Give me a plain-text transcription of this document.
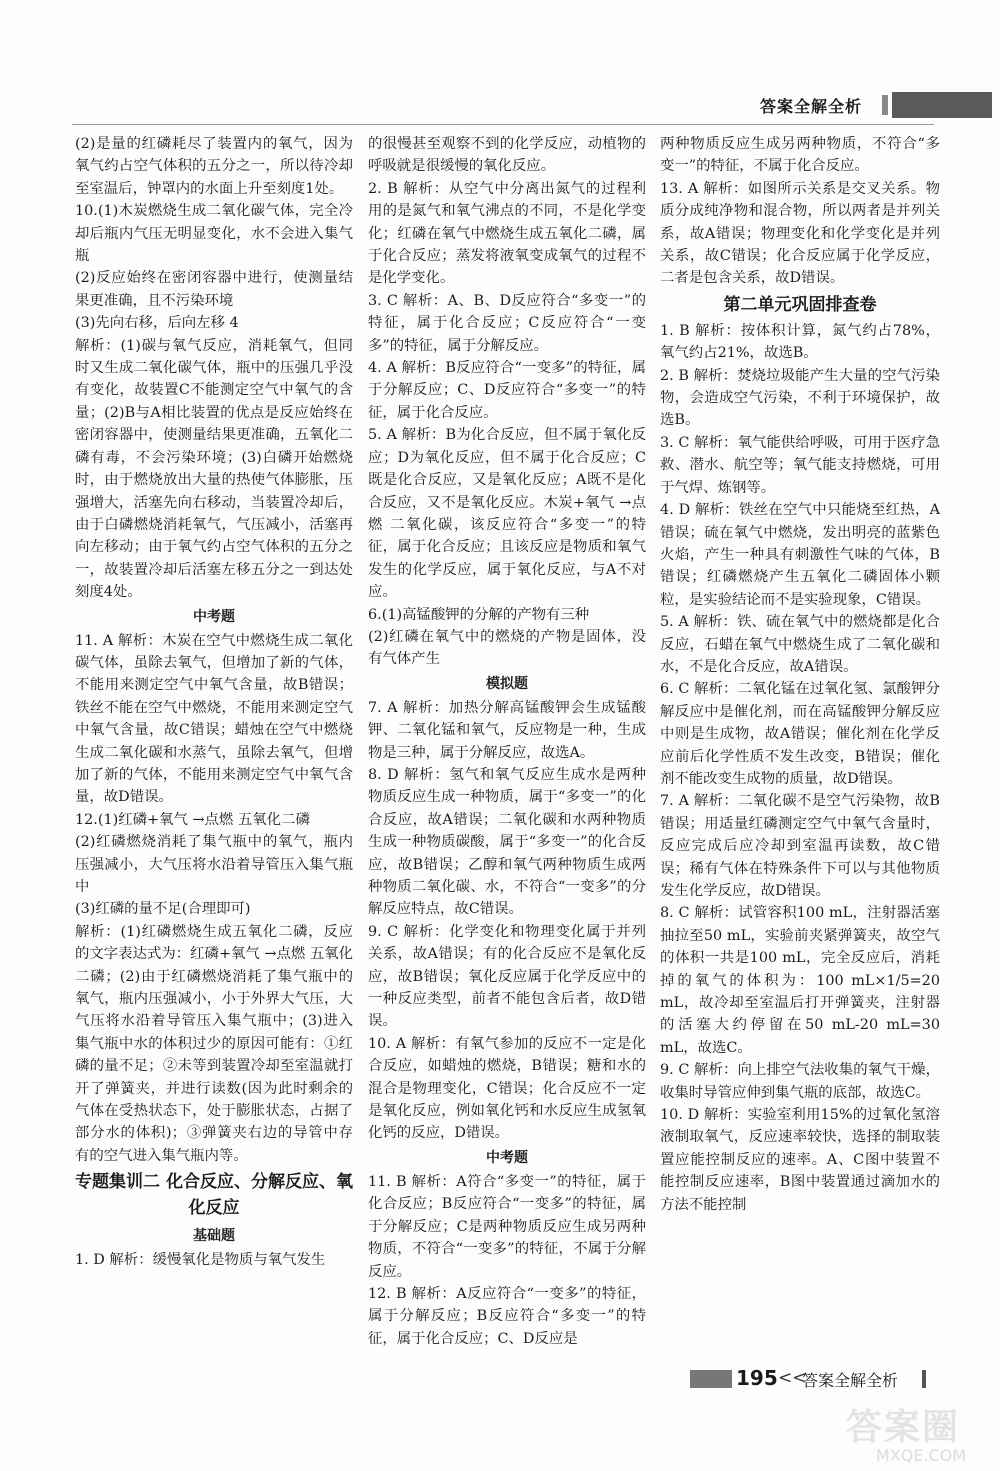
答案全解全析
(2)是量的红磷耗尽了装置内的氧气，因为氧气约占空气体积的五分之一，所以待冷却至室温后，钟罩内的水面上升至刻度1处。
10.(1)木炭燃烧生成二氧化碳气体，完全冷却后瓶内气压无明显变化，水不会进入集气瓶
(2)反应始终在密闭容器中进行，使测量结果更准确，且不污染环境
(3)先向右移，后向左移 4
解析：(1)碳与氧气反应，消耗氧气，但同时又生成二氧化碳气体，瓶中的压强几乎没有变化，故装置C不能测定空气中氧气的含量；(2)B与A相比装置的优点是反应始终在密闭容器中，使测量结果更准确，五氧化二磷有毒，不会污染环境；(3)白磷开始燃烧时，由于燃烧放出大量的热使气体膨胀，压强增大，活塞先向右移动，当装置冷却后，由于白磷燃烧消耗氧气，气压减小，活塞再向左移动；由于氧气约占空气体积的五分之一，故装置冷却后活塞左移五分之一到达处刻度4处。
中考题
11. A 解析：木炭在空气中燃烧生成二氧化碳气体，虽除去氧气，但增加了新的气体，不能用来测定空气中氧气含量，故B错误；铁丝不能在空气中燃烧，不能用来测定空气中氧气含量，故C错误；蜡烛在空气中燃烧生成二氧化碳和水蒸气，虽除去氧气，但增加了新的气体，不能用来测定空气中氧气含量，故D错误。
12.(1)红磷+氧气 →点燃 五氧化二磷
(2)红磷燃烧消耗了集气瓶中的氧气，瓶内压强减小，大气压将水沿着导管压入集气瓶中
(3)红磷的量不足(合理即可)
解析：(1)红磷燃烧生成五氧化二磷，反应的文字表达式为：红磷+氧气 →点燃 五氧化二磷；(2)由于红磷燃烧消耗了集气瓶中的氧气，瓶内压强减小，小于外界大气压，大气压将水沿着导管压入集气瓶中；(3)进入集气瓶中水的体积过少的原因可能有：①红磷的量不足；②未等到装置冷却至室温就打开了弹簧夹，并进行读数(因为此时剩余的气体在受热状态下，处于膨胀状态，占据了部分水的体积)；③弹簧夹右边的导管中存有的空气进入集气瓶内等。
专题集训二 化合反应、分解反应、氧化反应
基础题
1. D 解析：缓慢氧化是物质与氧气发生
的很慢甚至观察不到的化学反应，动植物的呼吸就是很缓慢的氧化反应。
2. B 解析：从空气中分离出氮气的过程利用的是氮气和氧气沸点的不同，不是化学变化；红磷在氧气中燃烧生成五氧化二磷，属于化合反应；蒸发将液氧变成氧气的过程不是化学变化。
3. C 解析：A、B、D反应符合“多变一”的特征，属于化合反应；C反应符合“一变多”的特征，属于分解反应。
4. A 解析：B反应符合“一变多”的特征，属于分解反应；C、D反应符合“多变一”的特征，属于化合反应。
5. A 解析：B为化合反应，但不属于氧化反应；D为氧化反应，但不属于化合反应；C既是化合反应，又是氧化反应；A既不是化合反应，又不是氧化反应。木炭+氧气 →点燃 二氧化碳，该反应符合“多变一”的特征，属于化合反应；且该反应是物质和氧气发生的化学反应，属于氧化反应，与A不对应。
6.(1)高锰酸钾的分解的产物有三种
(2)红磷在氧气中的燃烧的产物是固体，没有气体产生
模拟题
7. A 解析：加热分解高锰酸钾会生成锰酸钾、二氧化锰和氧气，反应物是一种，生成物是三种，属于分解反应，故选A。
8. D 解析：氢气和氧气反应生成水是两种物质反应生成一种物质，属于“多变一”的化合反应，故A错误；二氧化碳和水两种物质生成一种物质碳酸，属于“多变一”的化合反应，故B错误；乙醇和氧气两种物质生成两种物质二氧化碳、水，不符合“一变多”的分解反应特点，故C错误。
9. C 解析：化学变化和物理变化属于并列关系，故A错误；有的化合反应不是氧化反应，故B错误；氧化反应属于化学反应中的一种反应类型，前者不能包含后者，故D错误。
10. A 解析：有氧气参加的反应不一定是化合反应，如蜡烛的燃烧，B错误；糖和水的混合是物理变化，C错误；化合反应不一定是氧化反应，例如氧化钙和水反应生成氢氧化钙的反应，D错误。
中考题
11. B 解析：A符合“多变一”的特征，属于化合反应；B反应符合“一变多”的特征，属于分解反应；C是两种物质反应生成另两种物质，不符合“一变多”的特征，不属于分解反应。
12. B 解析：A反应符合“一变多”的特征，属于分解反应；B反应符合“多变一”的特征，属于化合反应；C、D反应是
两种物质反应生成另两种物质，不符合“多变一”的特征，不属于化合反应。
13. A 解析：如图所示关系是交叉关系。物质分成纯净物和混合物，所以两者是并列关系，故A错误；物理变化和化学变化是并列关系，故C错误；化合反应属于化学反应，二者是包含关系，故D错误。
第二单元巩固排查卷
1. B 解析：按体积计算，氮气约占78%，氧气约占21%，故选B。
2. B 解析：焚烧垃圾能产生大量的空气污染物，会造成空气污染，不利于环境保护，故选B。
3. C 解析：氧气能供给呼吸，可用于医疗急救、潜水、航空等；氧气能支持燃烧，可用于气焊、炼钢等。
4. D 解析：铁丝在空气中只能烧至红热，A错误；硫在氧气中燃烧，发出明亮的蓝紫色火焰，产生一种具有刺激性气味的气体，B错误；红磷燃烧产生五氧化二磷固体小颗粒，是实验结论而不是实验现象，C错误。
5. A 解析：铁、硫在氧气中的燃烧都是化合反应，石蜡在氧气中燃烧生成了二氧化碳和水，不是化合反应，故A错误。
6. C 解析：二氧化锰在过氧化氢、氯酸钾分解反应中是催化剂，而在高锰酸钾分解反应中则是生成物，故A错误；催化剂在化学反应前后化学性质不发生改变，B错误；催化剂不能改变生成物的质量，故D错误。
7. A 解析：二氧化碳不是空气污染物，故B错误；用适量红磷测定空气中氧气含量时，反应完成后应冷却到室温再读数，故C错误；稀有气体在特殊条件下可以与其他物质发生化学反应，故D错误。
8. C 解析：试管容积100 mL，注射器活塞抽拉至50 mL，实验前夹紧弹簧夹，故空气的体积一共是100 mL，完全反应后，消耗掉的氧气的体积为：100 mL×1/5=20 mL，故冷却至室温后打开弹簧夹，注射器的活塞大约停留在50 mL-20 mL=30 mL，故选C。
9. C 解析：向上排空气法收集的氧气干燥，收集时导管应伸到集气瓶的底部，故选C。
10. D 解析：实验室利用15%的过氧化氢溶液制取氧气，反应速率较快，选择的制取装置应能控制反应的速率。A、C图中装置不能控制反应速率，B图中装置通过滴加水的方法不能控制
195 <<
答案全解全析
答案圈
MXQE.COM
